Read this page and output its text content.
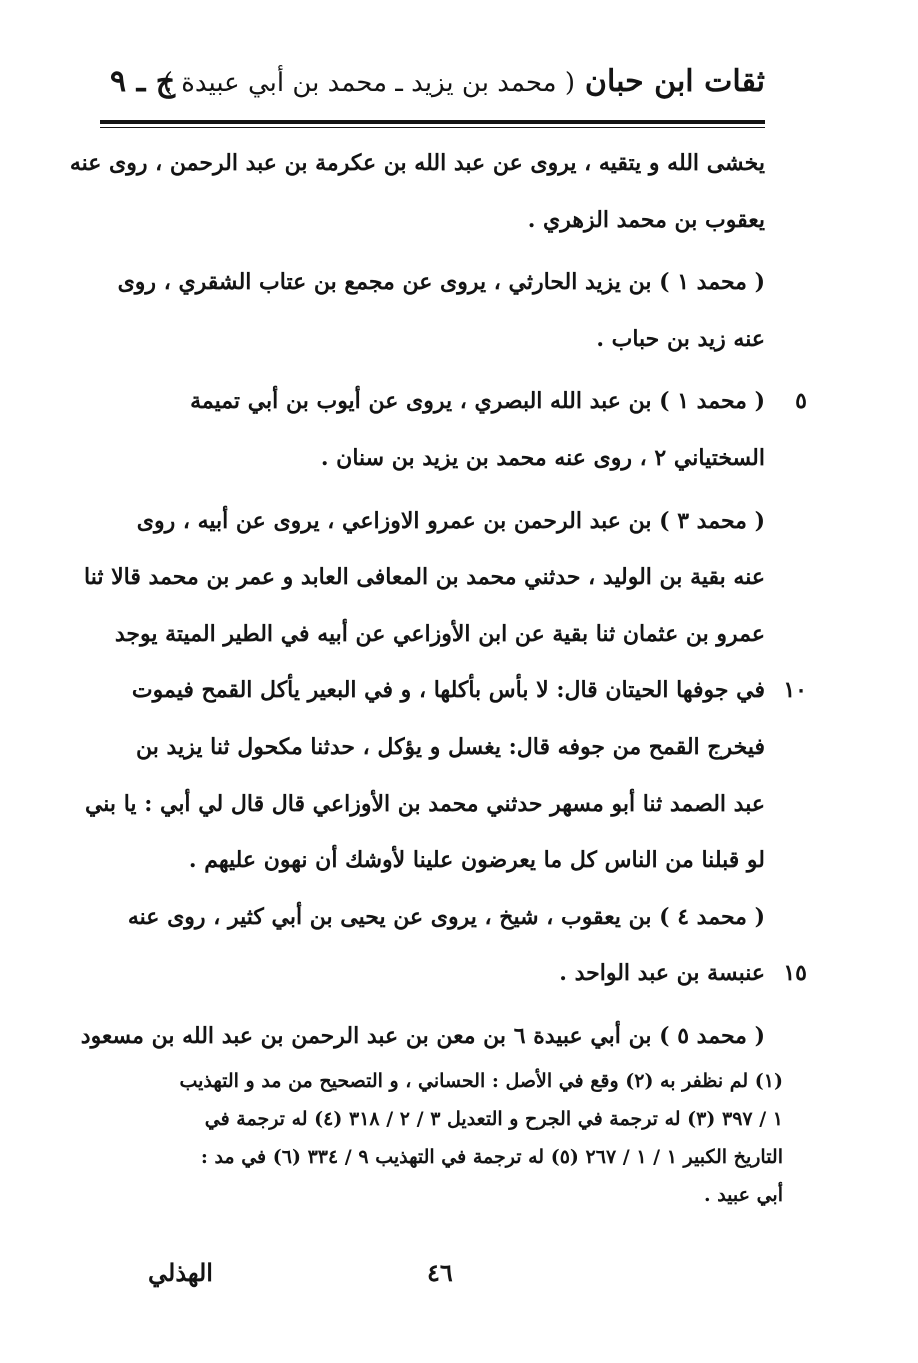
ثقات ابن حبان
( محمد بن يزيد ـ محمد بن أبي عبيدة )
ج ـ ٩
يخشى الله و يتقيه ، يروى عن عبد الله بن عكرمة بن عبد الرحمن ، روى عنه
يعقوب بن محمد الزهري .
( محمد ١ ) بن يزيد الحارثي ، يروى عن مجمع بن عتاب الشقري ، روى
عنه زيد بن حباب .
٥
( محمد ١ ) بن عبد الله البصري ، يروى عن أيوب بن أبي تميمة
السختياني ٢ ، روى عنه محمد بن يزيد بن سنان .
( محمد ٣ ) بن عبد الرحمن بن عمرو الاوزاعي ، يروى عن أبيه ، روى
عنه بقية بن الوليد ، حدثني محمد بن المعافى العابد و عمر بن محمد قالا ثنا
عمرو بن عثمان ثنا بقية عن ابن الأوزاعي عن أبيه في الطير الميتة يوجد
١٠
في جوفها الحيتان قال: لا بأس بأكلها ، و في البعير يأكل القمح فيموت
فيخرج القمح من جوفه قال: يغسل و يؤكل ، حدثنا مكحول ثنا يزيد بن
عبد الصمد ثنا أبو مسهر حدثني محمد بن الأوزاعي قال قال لي أبي : يا بني
لو قبلنا من الناس كل ما يعرضون علينا لأوشك أن نهون عليهم .
( محمد ٤ ) بن يعقوب ، شيخ ، يروى عن يحيى بن أبي كثير ، روى عنه
١٥
عنبسة بن عبد الواحد .
( محمد ٥ ) بن أبي عبيدة ٦ بن معن بن عبد الرحمن بن عبد الله بن مسعود
(١) لم نظفر به (٢) وقع في الأصل : الحساني ، و التصحيح من مد و التهذيب
١ / ٣٩٧ (٣) له ترجمة في الجرح و التعديل ٣ / ٢ / ٣١٨ (٤) له ترجمة في
التاريخ الكبير ١ / ١ / ٢٦٧ (٥) له ترجمة في التهذيب ٩ / ٣٣٤ (٦) في مد :
أبي عبيد .
٤٦
الهذلي
